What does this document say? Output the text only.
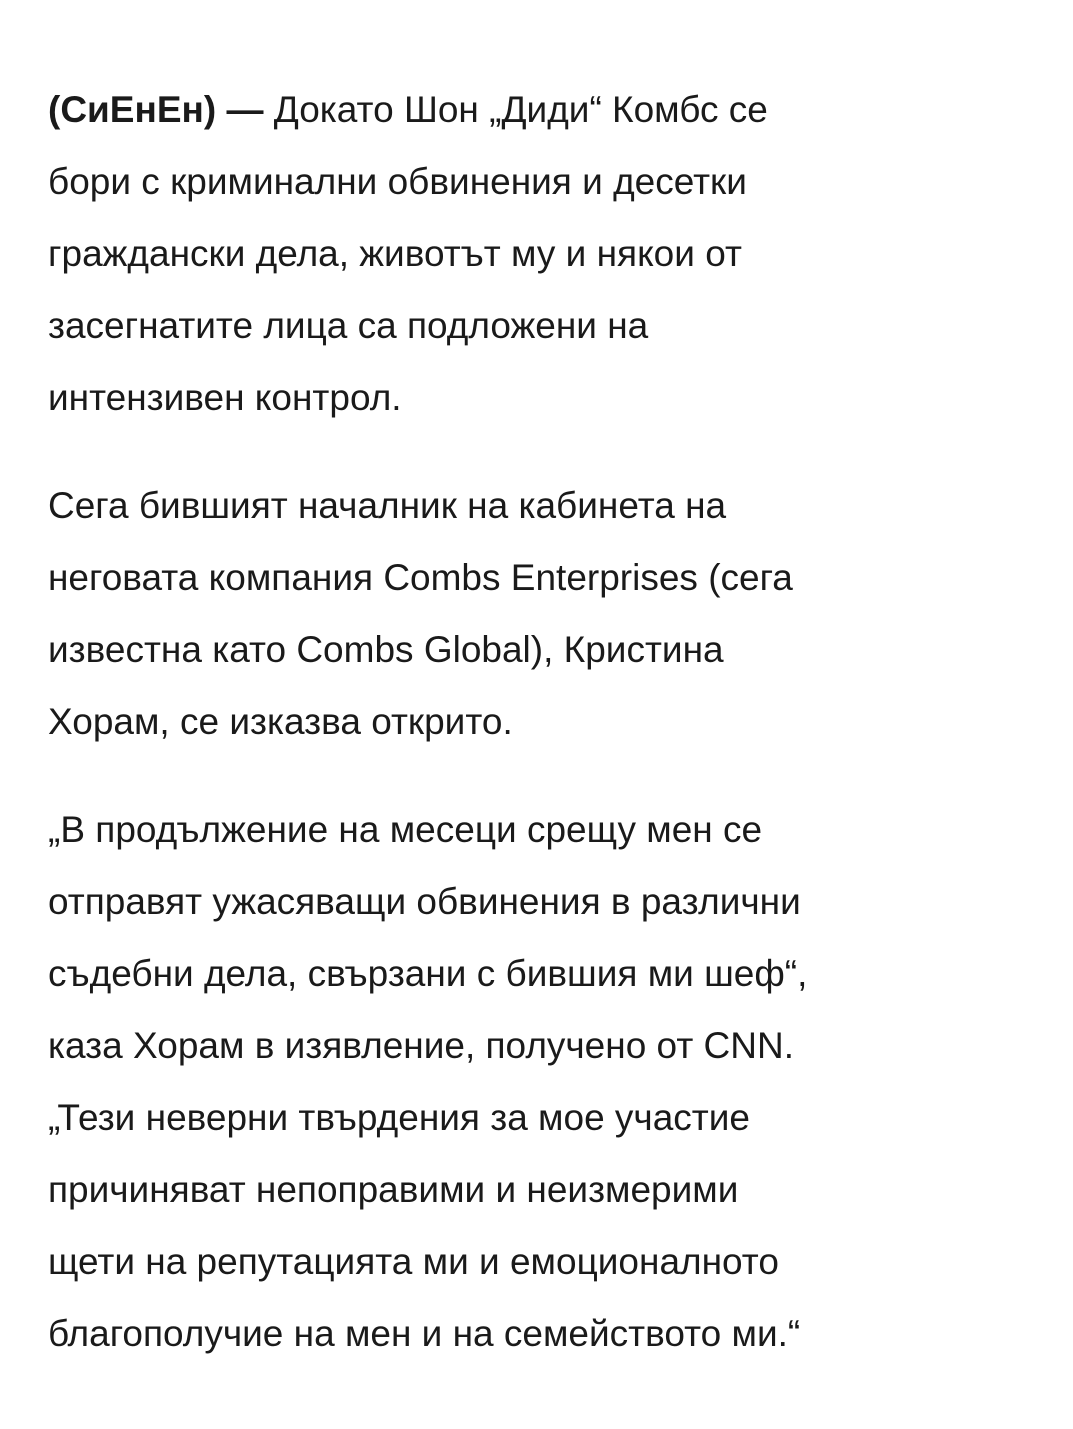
(СиЕнЕн) — Докато Шон „Диди“ Комбс се
бори с криминални обвинения и десетки
граждански дела, животът му и някои от
засегнатите лица са подложени на
интензивен контрол.

Сега бившият началник на кабинета на
неговата компания Combs Enterprises (сега
известна като Combs Global), Кристина
Хорам, се изказва открито.

„В продължение на месеци срещу мен се
отправят ужасяващи обвинения в различни
съдебни дела, свързани с бившия ми шеф“,
каза Хорам в изявление, получено от CNN.
„Тези неверни твърдения за мое участие
причиняват непоправими и неизмерими
щети на репутацията ми и емоционалното
благополучие на мен и на семейството ми.“
